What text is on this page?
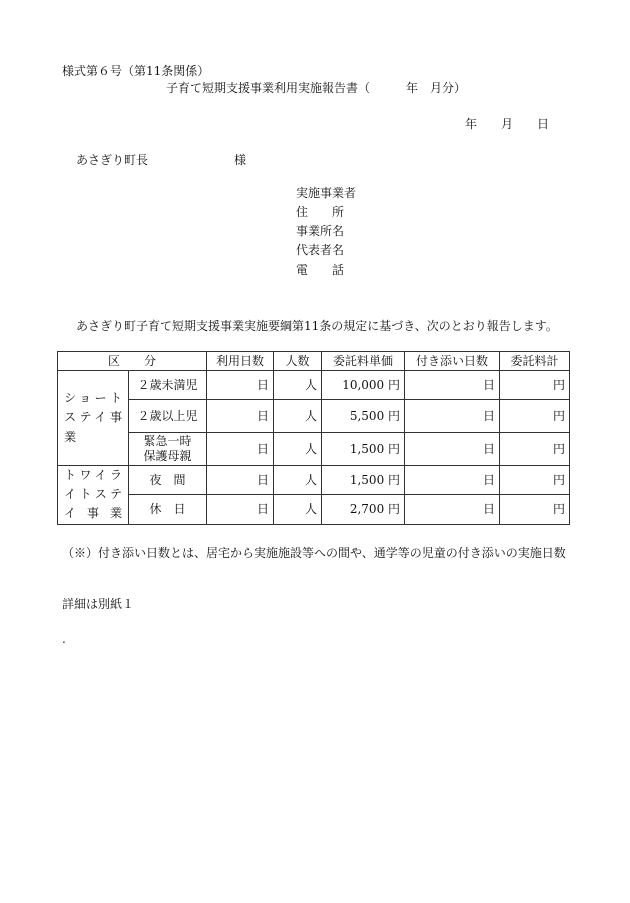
様式第６号（第11条関係）
子育て短期支援事業利用実施報告書（　　　年　月分）
年　　月　　日
あさぎり町長	様
実施事業者
住　　所
事業所名
代表者名
電　　話
あさぎり町子育て短期支援事業実施要綱第11条の規定に基づき、次のとおり報告します。
区　　分		利用日数	人数	委託料単価	付き添い日数	委託料計
ショートステイ事業	２歳未満児	日	人	10,000 円	日	円
	２歳以上児	日	人	5,500 円	日	円
	緊急一時保護母親	日	人	1,500 円	日	円
トワイライトステイ事業	夜　間	日	人	1,500 円	日	円
	休　日	日	人	2,700 円	日	円
（※）付き添い日数とは、居宅から実施施設等への間や、通学等の児童の付き添いの実施日数
詳細は別紙１
.
